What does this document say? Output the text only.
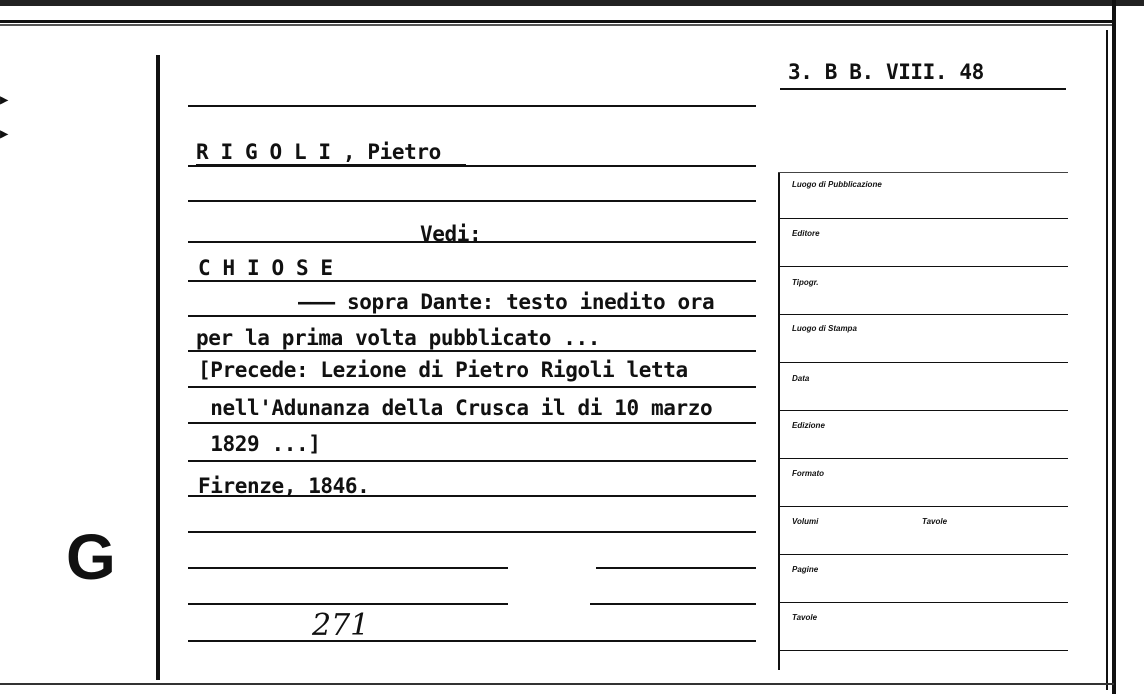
▶
▶
G
3. B B. VIII. 48
R I G O L I , Pietro
Vedi:
C H I O S E
——— sopra Dante: testo inedito ora
per la prima volta pubblicato ...
[Precede: Lezione di Pietro Rigoli letta
nell'Adunanza della Crusca il di 10 marzo
1829 ...]
Firenze, 1846.
271
Luogo di Pubblicazione
Editore
Tipogr.
Luogo di Stampa
Data
Edizione
Formato
Volumi	Tavole
Pagine
Tavole
